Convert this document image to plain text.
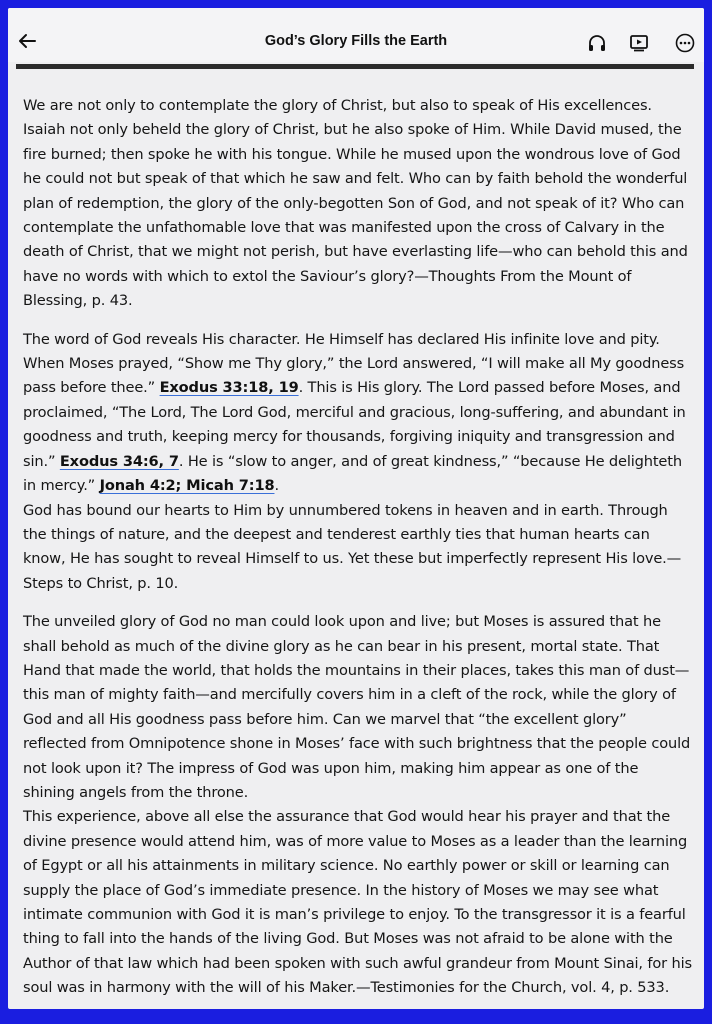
God’s Glory Fills the Earth

We are not only to contemplate the glory of Christ, but also to speak of His excellences. Isaiah not only beheld the glory of Christ, but he also spoke of Him. While David mused, the fire burned; then spoke he with his tongue. While he mused upon the wondrous love of God he could not but speak of that which he saw and felt. Who can by faith behold the wonderful plan of redemption, the glory of the only-begotten Son of God, and not speak of it? Who can contemplate the unfathomable love that was manifested upon the cross of Calvary in the death of Christ, that we might not perish, but have everlasting life—who can behold this and have no words with which to extol the Saviour’s glory?—Thoughts From the Mount of Blessing, p. 43.

The word of God reveals His character. He Himself has declared His infinite love and pity. When Moses prayed, “Show me Thy glory,” the Lord answered, “I will make all My goodness pass before thee.” Exodus 33:18, 19. This is His glory. The Lord passed before Moses, and proclaimed, “The Lord, The Lord God, merciful and gracious, long-suffering, and abundant in goodness and truth, keeping mercy for thousands, forgiving iniquity and transgression and sin.” Exodus 34:6, 7. He is “slow to anger, and of great kindness,” “because He delighteth in mercy.” Jonah 4:2; Micah 7:18.

God has bound our hearts to Him by unnumbered tokens in heaven and in earth. Through the things of nature, and the deepest and tenderest earthly ties that human hearts can know, He has sought to reveal Himself to us. Yet these but imperfectly represent His love.—Steps to Christ, p. 10.

The unveiled glory of God no man could look upon and live; but Moses is assured that he shall behold as much of the divine glory as he can bear in his present, mortal state. That Hand that made the world, that holds the mountains in their places, takes this man of dust—this man of mighty faith—and mercifully covers him in a cleft of the rock, while the glory of God and all His goodness pass before him. Can we marvel that “the excellent glory” reflected from Omnipotence shone in Moses’ face with such brightness that the people could not look upon it? The impress of God was upon him, making him appear as one of the shining angels from the throne.

This experience, above all else the assurance that God would hear his prayer and that the divine presence would attend him, was of more value to Moses as a leader than the learning of Egypt or all his attainments in military science. No earthly power or skill or learning can supply the place of God’s immediate presence. In the history of Moses we may see what intimate communion with God it is man’s privilege to enjoy. To the transgressor it is a fearful thing to fall into the hands of the living God. But Moses was not afraid to be alone with the Author of that law which had been spoken with such awful grandeur from Mount Sinai, for his soul was in harmony with the will of his Maker.—Testimonies for the Church, vol. 4, p. 533.
